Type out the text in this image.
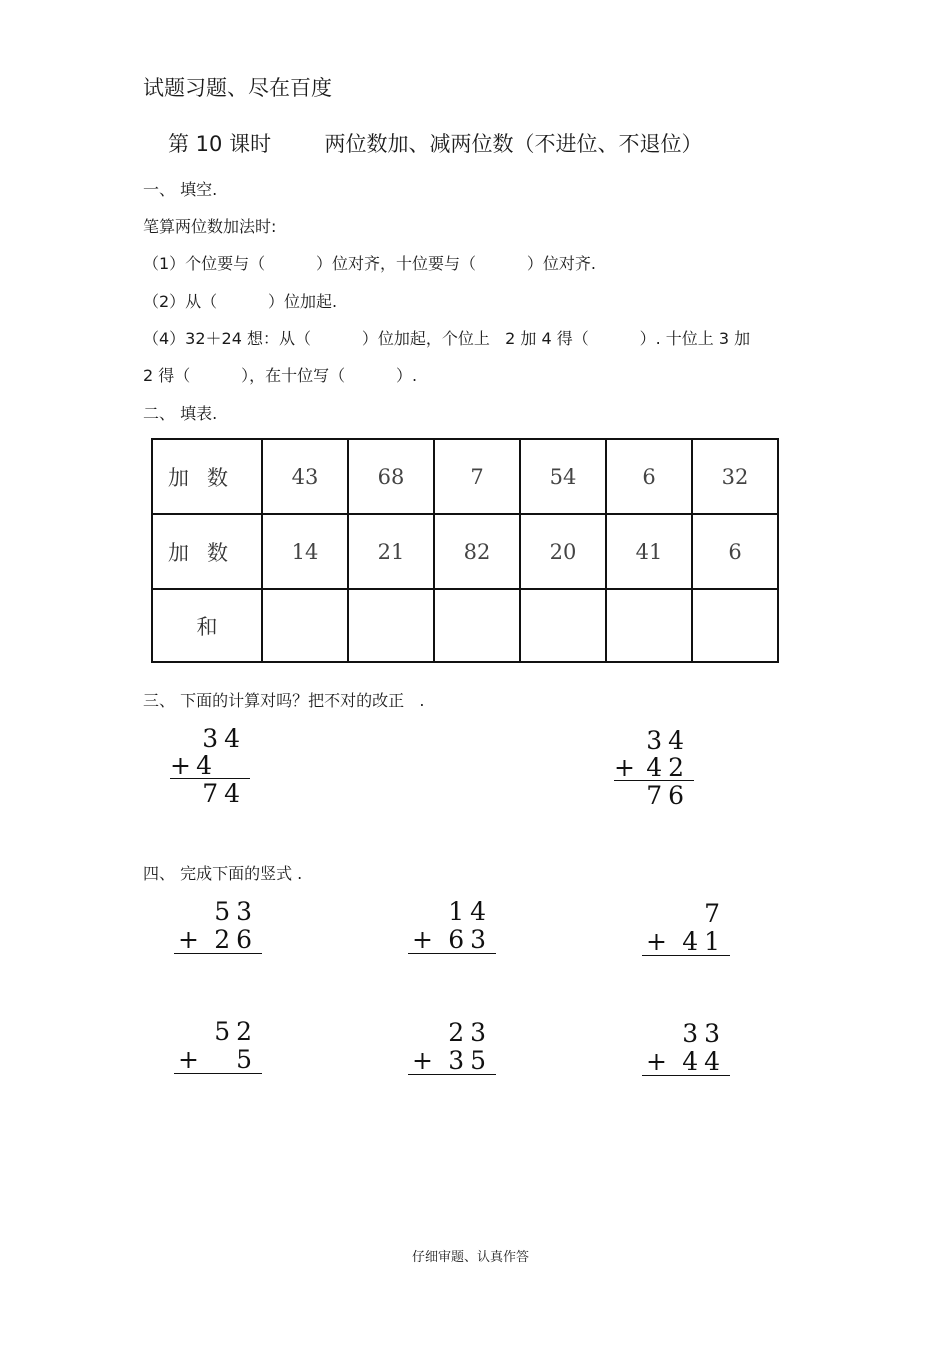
试题习题、尽在百度
第 10 课时        两位数加、减两位数（不进位、不退位）
一、 填空.
笔算两位数加法时:
（1）个位要与（          ）位对齐，十位要与（          ）位对齐.
（2）从（          ）位加起.
（4）32＋24 想：从（          ）位加起，个位上   2 加 4 得（          ）. 十位上 3 加
2 得（          ），在十位写（          ）.
二、 填表.
加数	43	68	7	54	6	32
加数	14	21	82	20	41	6
和						
三、 下面的计算对吗？把不对的改正   .
34
+ 4
74
34
+ 42
76
四、 完成下面的竖式 .
53
+ 26
14
+ 63
7
+ 41
52
+ 5
23
+ 35
33
+ 44
仔细审题、认真作答
